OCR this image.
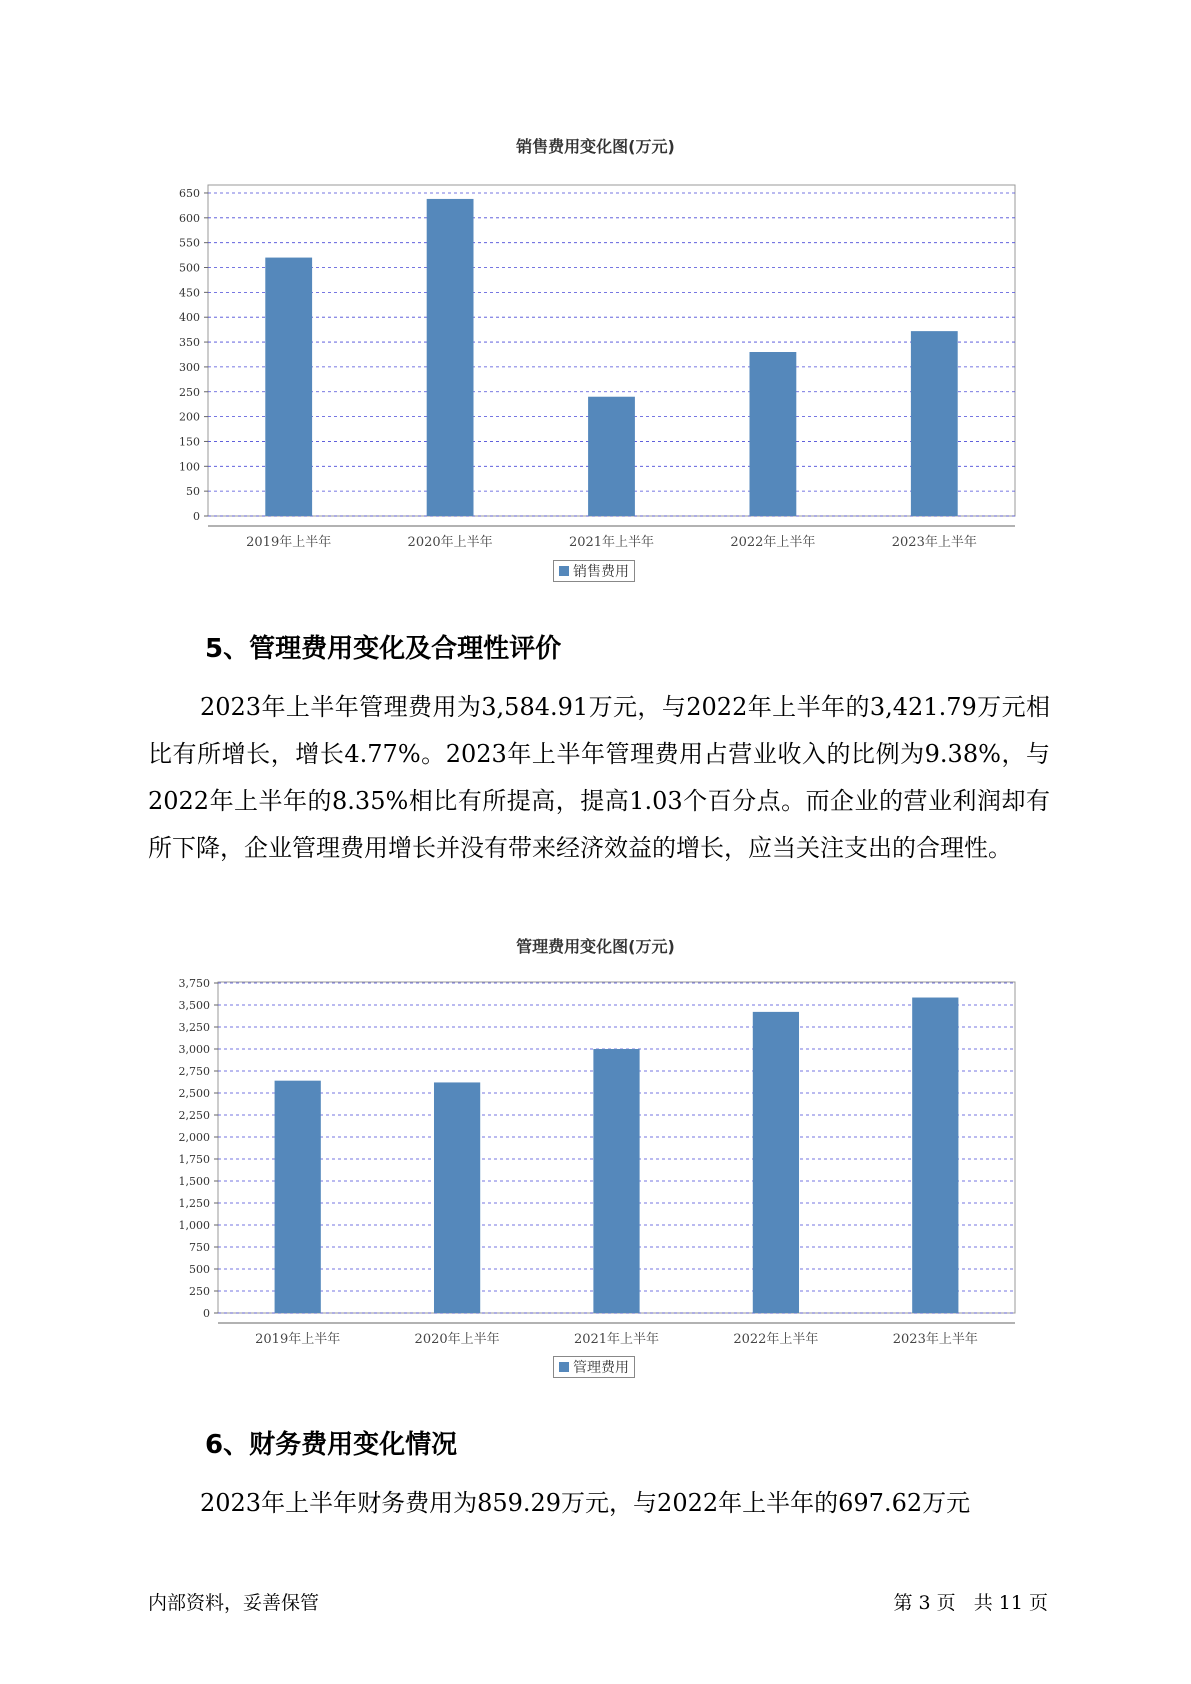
销售费用变化图(万元)
0
50
100
150
200
250
300
350
400
450
500
550
600
650
2019年上半年	2020年上半年	2021年上半年	2022年上半年	2023年上半年
销售费用
5、管理费用变化及合理性评价
2023年上半年管理费用为3,584.91万元，与2022年上半年的3,421.79万元相比有所增长，增长4.77%。2023年上半年管理费用占营业收入的比例为9.38%，与2022年上半年的8.35%相比有所提高，提高1.03个百分点。而企业的营业利润却有所下降，企业管理费用增长并没有带来经济效益的增长，应当关注支出的合理性。
管理费用变化图(万元)
0
250
500
750
1,000
1,250
1,500
1,750
2,000
2,250
2,500
2,750
3,000
3,250
3,500
3,750
2019年上半年	2020年上半年	2021年上半年	2022年上半年	2023年上半年
管理费用
6、财务费用变化情况
2023年上半年财务费用为859.29万元，与2022年上半年的697.62万元
内部资料，妥善保管	第 3 页   共 11 页
